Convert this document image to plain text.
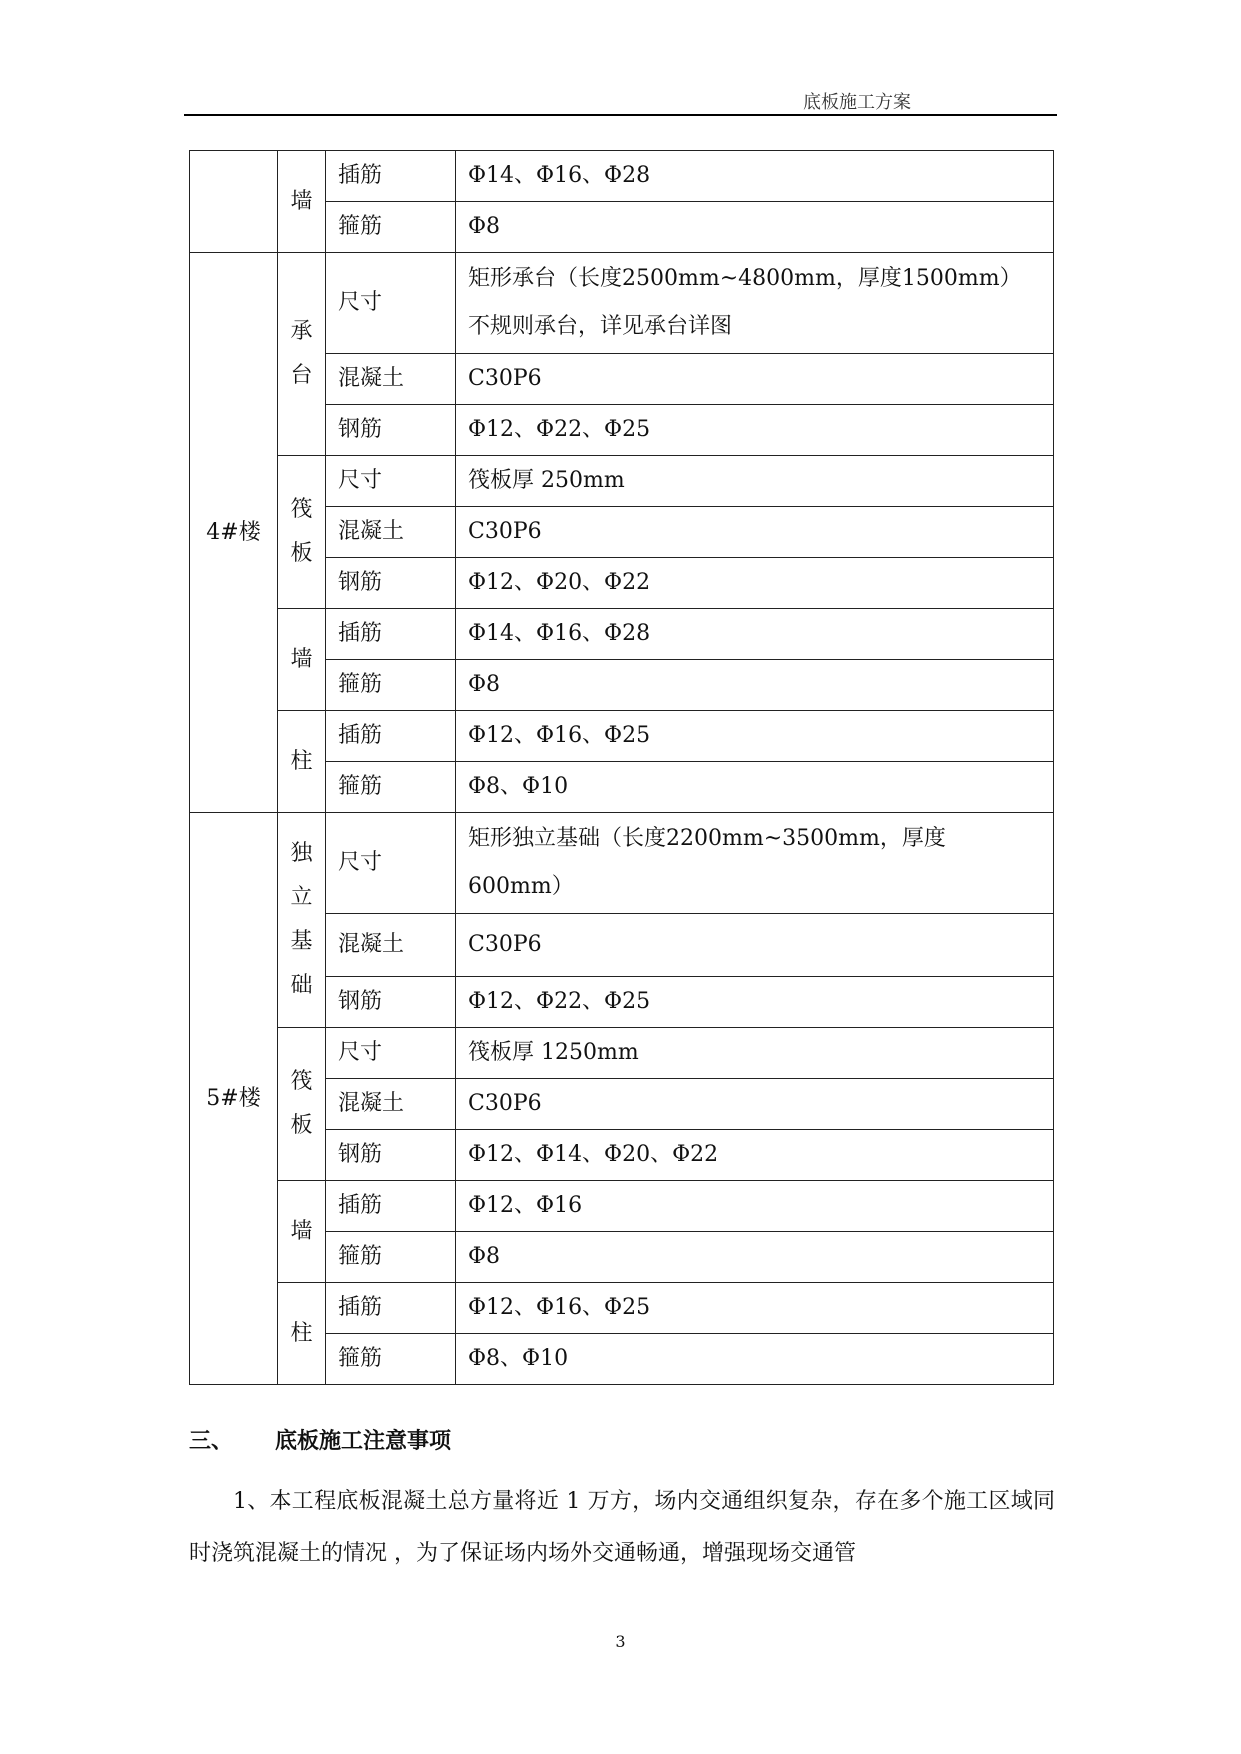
底板施工方案
	墙	插筋	Φ14、Φ16、Φ28
		箍筋	Φ8
4#楼	承台	尺寸	矩形承台（长度2500mm~4800mm，厚度1500mm）
不规则承台，详见承台详图

		混凝土	C30P6
		钢筋	Φ12、Φ22、Φ25

	筏板	尺寸	筏板厚 250mm
		混凝土	C30P6
		钢筋	Φ12、Φ20、Φ22
	墙	插筋	Φ14、Φ16、Φ28
		箍筋	Φ8
	柱	插筋	Φ12、Φ16、Φ25
		箍筋	Φ8、Φ10
5#楼	独立基础	尺寸	矩形独立基础（长度2200mm~3500mm，厚度
600mm）

		混凝土	C30P6
		钢筋	Φ12、Φ22、Φ25

	筏板	尺寸	筏板厚 1250mm
		混凝土	C30P6
		钢筋	Φ12、Φ14、Φ20、Φ22
	墙	插筋	Φ12、Φ16
		箍筋	Φ8
	柱	插筋	Φ12、Φ16、Φ25
		箍筋	Φ8、Φ10
三、 底板施工注意事项
1、本工程底板混凝土总方量将近 1 万方，场内交通组织复杂，存在多个施工区域同时浇筑混凝土的情况 ，为了保证场内场外交通畅通，增强现场交通管
3
